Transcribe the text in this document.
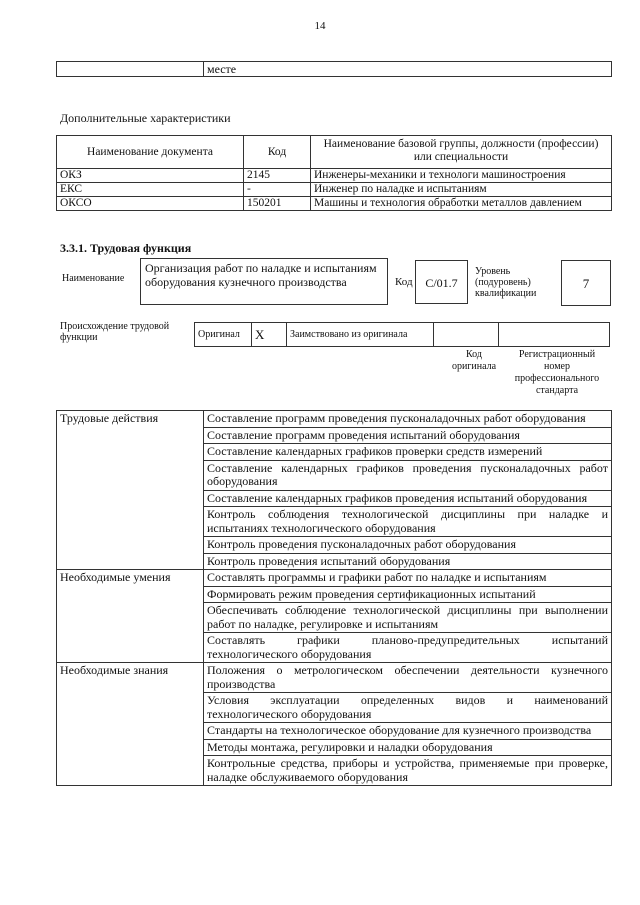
14
	месте
Дополнительные характеристики
Наименование документа	Код	Наименование базовой группы, должности (профессии) или специальности
ОКЗ	2145	Инженеры-механики и технологи машиностроения
ЕКС	-	Инженер по наладке и испытаниям
ОКСО	150201	Машины и технология обработки металлов давлением
3.3.1. Трудовая функция
Наименование
Организация работ по наладке и испытаниям оборудования кузнечного производства	Код	С/01.7
Уровень (подуровень) квалификации
7
Происхождение трудовой функции	Оригинал	X	Заимствовано из оригинала		
Код оригинала
Регистрационный номер профессионального стандарта
Трудовые действия	Составление программ проведения пусконаладочных работ оборудования
	Составление программ проведения испытаний оборудования
	Составление календарных графиков проверки средств измерений
	Составление календарных графиков проведения пусконаладочных работ оборудования
	Составление календарных графиков проведения испытаний оборудования
	Контроль соблюдения технологической дисциплины при наладке и испытаниях технологического оборудования
	Контроль проведения пусконаладочных работ оборудования
	Контроль проведения испытаний оборудования
Необходимые умения	Составлять программы и графики работ по наладке и испытаниям
	Формировать режим проведения сертификационных испытаний
	Обеспечивать соблюдение технологической дисциплины при выполнении работ по наладке, регулировке и испытаниям
	Составлять графики планово-предупредительных испытаний технологического оборудования
Необходимые знания	Положения о метрологическом обеспечении деятельности кузнечного производства
	Условия эксплуатации определенных видов и наименований технологического оборудования
	Стандарты на технологическое оборудование для кузнечного производства
	Методы монтажа, регулировки и наладки оборудования
	Контрольные средства, приборы и устройства, применяемые при проверке, наладке обслуживаемого оборудования
